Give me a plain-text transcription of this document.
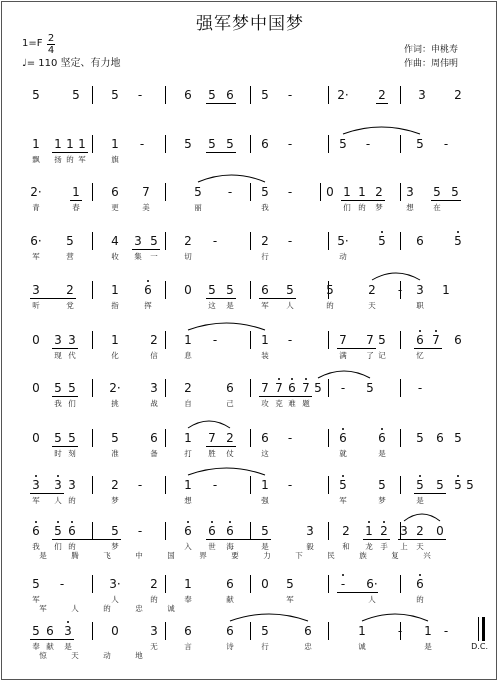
强军梦中国梦
1=F 2
4
♩= 110 坚定、有力地
作词：申桃寿
作曲：周伟明
5	5	5	-	6 5 6 5	-	2· 2	3 2
1 1 1 1 1	-	5 5 5 6	-	5	-	5	-
飘	扬 的 军	旗
2·	1	6 7	5	-	5	-	0 1 1 2 3 5 5
青	春	更	美	丽	我	们	的	梦	想	在
6· 5	4 3 5 2	-	2	-	5· 5	6	5
军	营	收	集	一	切	行	动
3 2	1 6	0 5 5 6 5	5	2	3 1
-
听	党	指	挥	这	是	军	人	的	天	职
0 3 3	1	2 1	-	1	-	7 7 5	6 7 6
现 代	化	信	息	装	满	了 记	忆
0 5 5	2· 3 2	6 7 7 6 7 5	-	5	-
我 们	挑	战	自	己	攻 克 难 题
0 5 5	5	6 1 7 2 6	-	6	6	5 6 5
时 刻	准	备	打	胜	仗	这	就	是
3 3 3	2	-	1	-	1	-	5	5	5 5 5 5
军	人 的	梦	想	强	军	梦	是
6 5 6	5	-	6 6 6 5	3 2 1 2 3 2 0
我	们 的	梦	入	世	海	是	毅	和	龙	手	上	天
是	腾	飞	中	国	界	要	力	下	民	族	复	兴
5	-	3· 2 1	6 0 5	-	6·	6
军	人	的	奉	献	军	人	的
军	人	的	忠	诚
5 6 3	0	3 6	6 5	6	1	-	1	-
奉 献	是	无	言	诗	行	忠	诚	是
惊	天	动	地
D.C.
